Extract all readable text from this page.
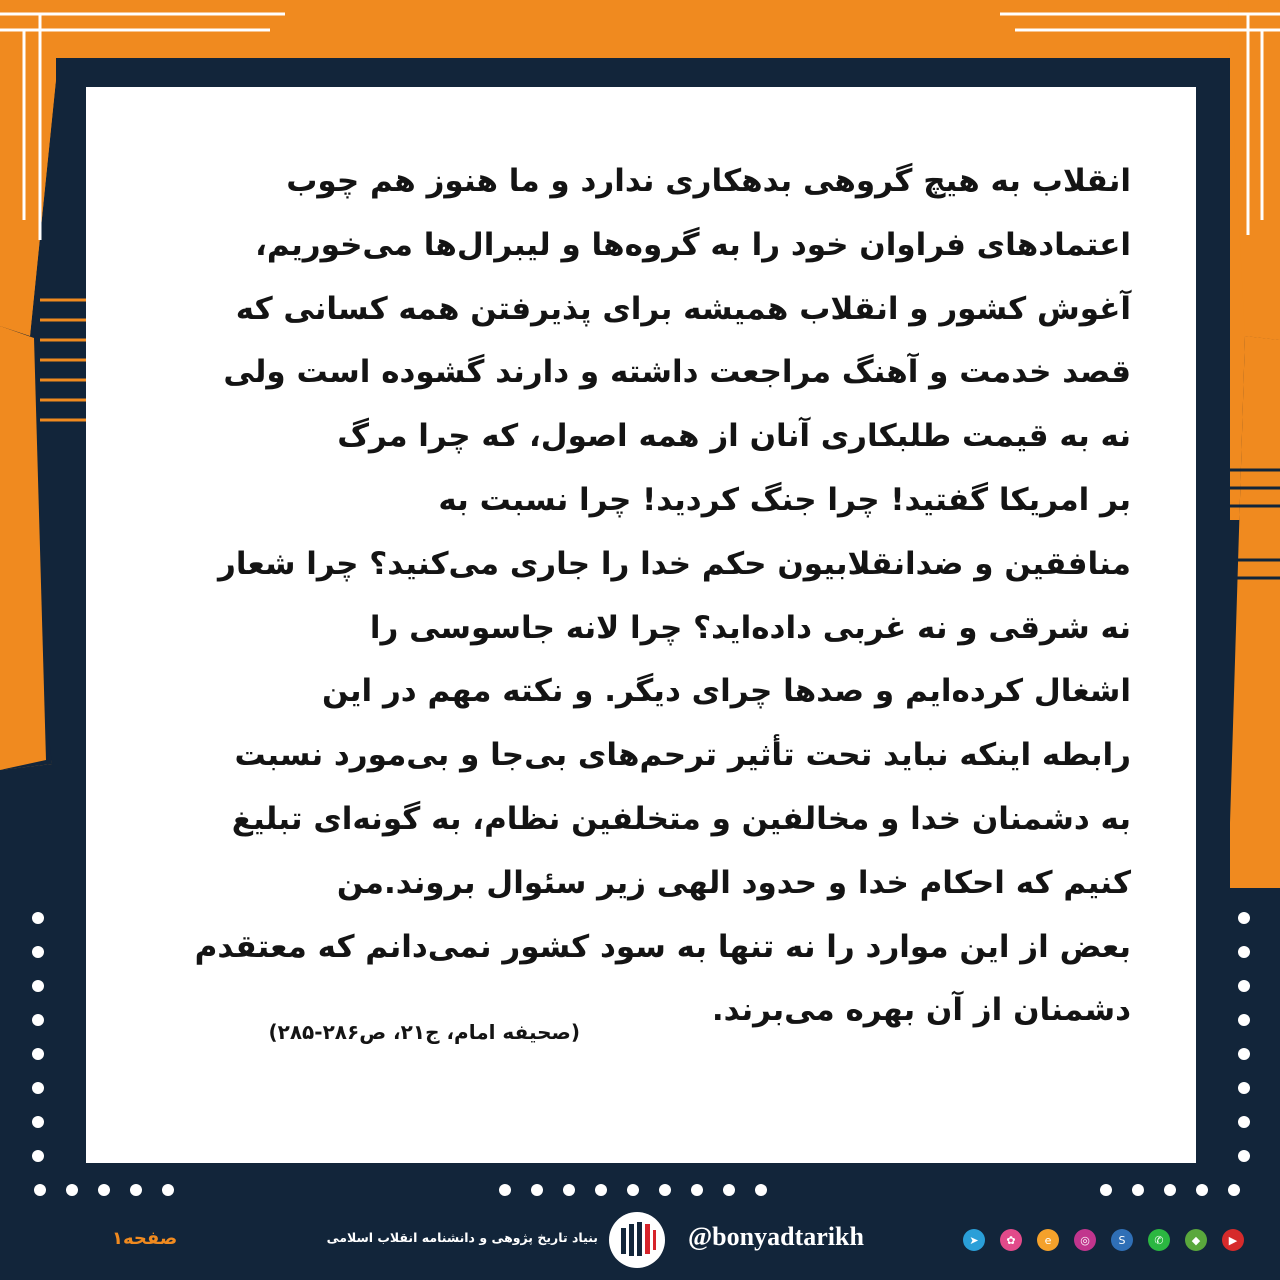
انقلاب به هیچ گروهی بدهکاری ندارد و ما هنوز هم چوب
اعتمادهای فراوان خود را به گروه‌ها و لیبرال‌ها می‌خوریم،
آغوش کشور و انقلاب همیشه برای پذیرفتن همه کسانی که
قصد خدمت و آهنگ مراجعت داشته و دارند گشوده است ولی
نه به قیمت طلبکاری آنان از همه اصول، که چرا مرگ
بر امریکا گفتید! چرا جنگ کردید! چرا نسبت به
منافقین و ضدانقلابیون حکم خدا را جاری می‌کنید؟ چرا شعار
نه شرقی و نه غربی داده‌اید؟ چرا لانه جاسوسی را
اشغال کرده‌ایم و صدها چرای دیگر. و نکته مهم در این
رابطه اینکه نباید تحت تأثیر ترحم‌های بی‌جا و بی‌مورد نسبت
به دشمنان خدا و مخالفین و متخلفین نظام، به گونه‌ای تبلیغ
کنیم که احکام خدا و حدود الهی زیر سئوال بروند.من
بعض از این موارد را نه تنها به سود کشور نمی‌دانم که معتقدم
دشمنان از آن بهره می‌برند.
(صحیفه امام، ج۲۱، ص۲۸۶-۲۸۵)
صفحه۱	بنیاد تاریخ پژوهی و دانشنامه انقلاب اسلامی	@bonyadtarikh	➤	✿	e	◎	S	✆	◆	▶
